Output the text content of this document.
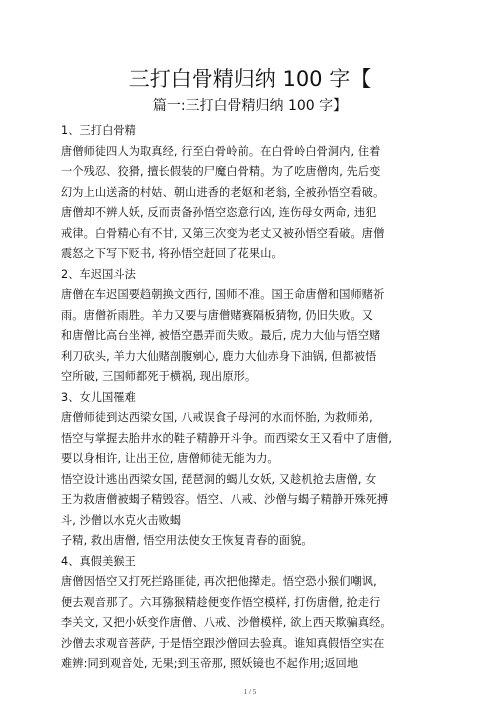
三打白骨精归纳 100 字【
篇一:三打白骨精归纳 100 字】
1、三打白骨精
唐僧师徒四人为取真经, 行至白骨岭前。在白骨岭白骨洞内, 住着
一个残忍、狡猾, 擅长假装的尸魔白骨精。为了吃唐僧肉, 先后变
幻为上山送斋的村姑、朝山进香的老妪和老翁, 全被孙悟空看破。
唐僧却不辨人妖, 反而责备孙悟空恣意行凶, 连伤母女两命, 违犯
戒律。白骨精心有不甘, 又第三次变为老丈又被孙悟空看破。唐僧
震怒之下写下贬书, 将孙悟空赶回了花果山。
2、车迟国斗法
唐僧在车迟国要趋朝换文西行, 国师不准。国王命唐僧和国师赌祈
雨。唐僧祈雨胜。羊力又要与唐僧赌赛隔板猜物, 仍旧失败。又
和唐僧比高台坐禅, 被悟空愚弄而失败。最后, 虎力大仙与悟空赌
利刀砍头, 羊力大仙赌剖腹剜心, 鹿力大仙赤身下油锅, 但都被悟
空所破, 三国师都死于横祸, 现出原形。
3、女儿国罹难
唐僧师徒到达西梁女国, 八戒误食子母河的水而怀胎, 为救师弟,
悟空与掌握去胎井水的鞋子精静开斗争。而西梁女王又看中了唐僧,
要以身相许, 让出王位, 唐僧师徒无能为力。
悟空设计逃出西梁女国, 琵琶洞的蝎儿女妖, 又趁机抢去唐僧, 女
王为救唐僧被蝎子精毁容。悟空、八戒、沙僧与蝎子精静开殊死搏
斗, 沙僧以水克火击败蝎
子精, 救出唐僧, 悟空用法使女王恢复青春的面貌。
4、真假美猴王
唐僧因悟空又打死拦路匪徒, 再次把他撵走。悟空恐小猴们嘲讽,
便去观音那了。六耳猕猴精趁便变作悟空模样, 打伤唐僧, 抢走行
李关文, 又把小妖变作唐僧、八戒、沙僧模样, 欲上西天欺骗真经。
沙僧去求观音菩萨, 于是悟空跟沙僧回去验真。谁知真假悟空实在
难辨:同到观音处, 无果;到玉帝那, 照妖镜也不起作用;返回地
1 / 5
